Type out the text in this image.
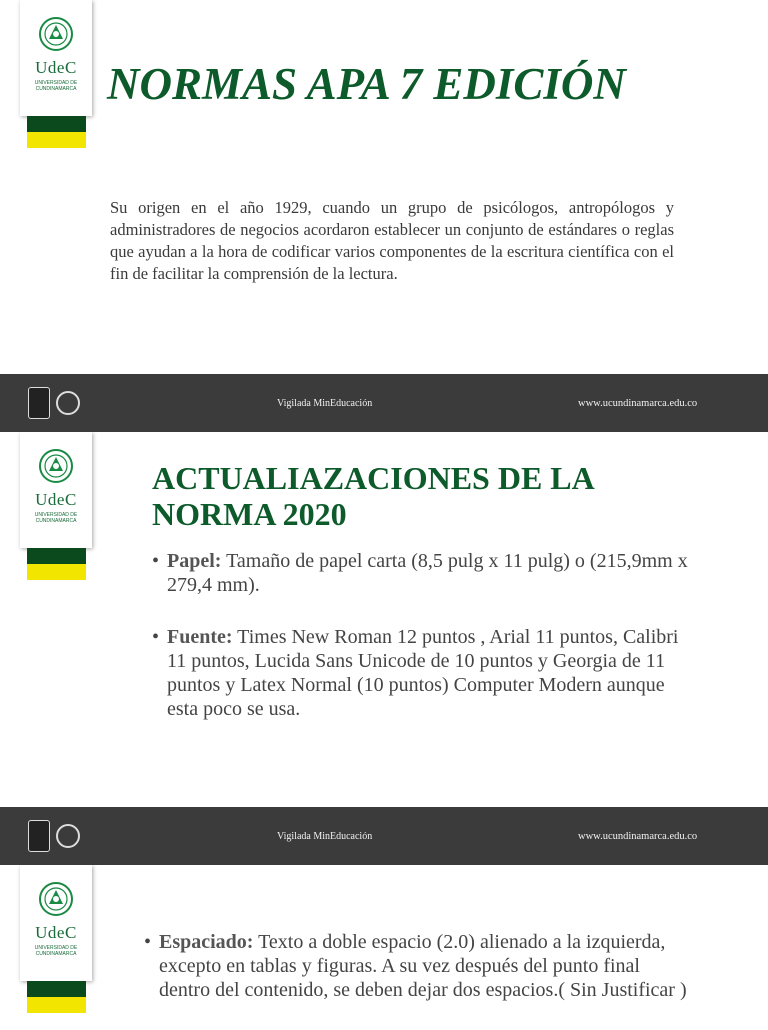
UdeC
UNIVERSIDAD DE
CUNDINAMARCA NORMAS APA 7 EDICIÓN
Su origen en el año 1929, cuando un grupo de psicólogos, antropólogos y administradores de negocios acordaron establecer un conjunto de estándares o reglas que ayudan a la hora de codificar varios componentes de la escritura científica con el fin de facilitar la comprensión de la lectura.
Vigilada MinEducación	www.ucundinamarca.edu.co
UdeC
UNIVERSIDAD DE
CUNDINAMARCA
ACTUALIAZACIONES DE LA NORMA 2020
• Papel: Tamaño de papel carta (8,5 pulg x 11 pulg) o (215,9mm x 279,4 mm).
• Fuente: Times New Roman 12 puntos , Arial 11 puntos, Calibri 11 puntos, Lucida Sans Unicode de 10 puntos y Georgia de 11 puntos y Latex Normal (10 puntos) Computer Modern aunque esta poco se usa.
Vigilada MinEducación	www.ucundinamarca.edu.co
UdeC
UNIVERSIDAD DE
CUNDINAMARCA
• Espaciado: Texto a doble espacio (2.0) alienado a la izquierda, excepto en tablas y figuras. A su vez después del punto final dentro del contenido, se deben dejar dos espacios.( Sin Justificar )
